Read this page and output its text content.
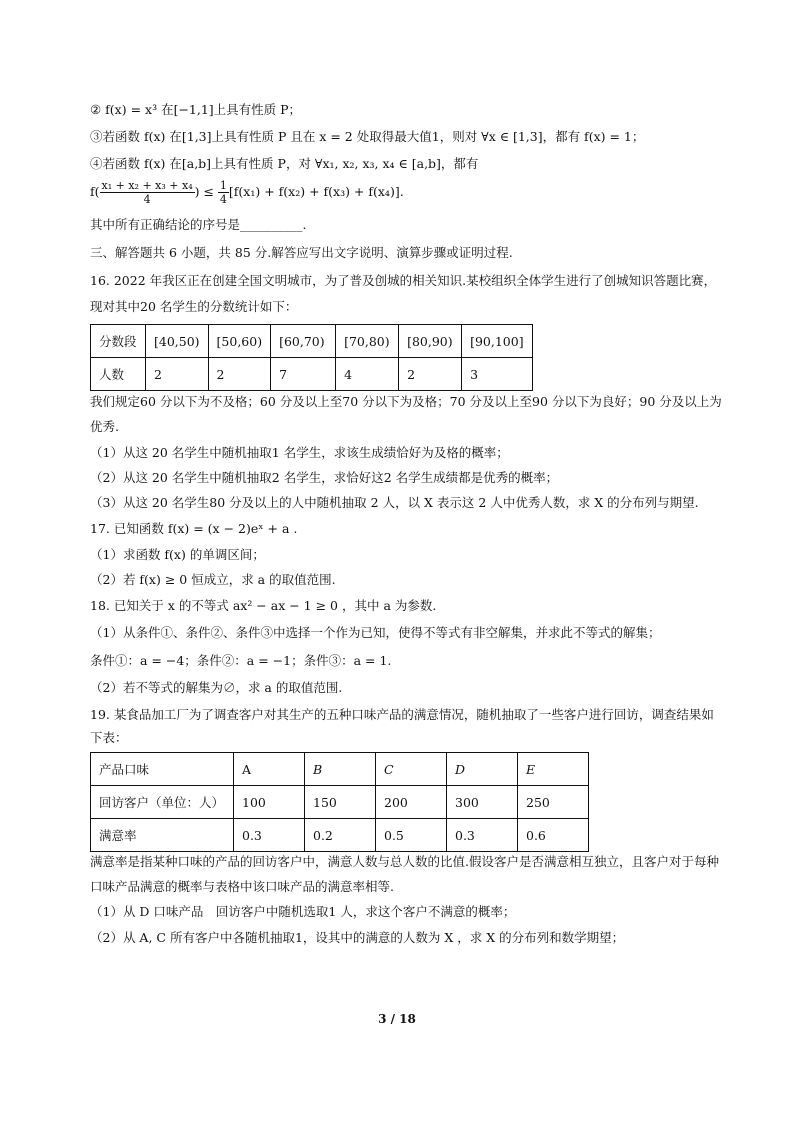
② f(x) = x³ 在[−1,1]上具有性质 P；
③若函数 f(x) 在[1,3]上具有性质 P 且在 x = 2 处取得最大值1，则对 ∀x ∈ [1,3]，都有 f(x) = 1；
④若函数 f(x) 在[a,b]上具有性质 P，对 ∀x₁, x₂, x₃, x₄ ∈ [a,b]，都有
$f( \frac{\text{x₁ + x₂ + x₃ + x₄}}{4}$ ) ≤ $\frac{1}{4} [f(x_1) + f(x_2) + f(x_3) + f(x_4)]$.
其中所有正确结论的序号是__________.
三、解答题共 6 小题，共 85 分.解答应写出文字说明、演算步骤或证明过程.
16. 2022 年我区正在创建全国文明城市，为了普及创城的相关知识.某校组织全体学生进行了创城知识答题比赛，
现对其中20 名学生的分数统计如下：
分数段	[40,50)	[50,60)	[60,70)	[70,80)	[80,90)	[90,100]
人数	2	2	7	4	2	3
我们规定60 分以下为不及格；60 分及以上至70 分以下为及格；70 分及以上至90 分以下为良好；90 分及以上为
优秀.
（1）从这 20 名学生中随机抽取1 名学生，求该生成绩恰好为及格的概率；
（2）从这 20 名学生中随机抽取2 名学生，求恰好这2 名学生成绩都是优秀的概率；
（3）从这 20 名学生80 分及以上的人中随机抽取 2 人，以 X 表示这 2 人中优秀人数，求 X 的分布列与期望.
17. 已知函数 f(x) = (x − 2)eˣ + a .
（1）求函数 f(x) 的单调区间；
（2）若 f(x) ≥ 0 恒成立，求 a 的取值范围.
18. 已知关于 x 的不等式 ax² − ax − 1 ≥ 0 ，其中 a 为参数.
（1）从条件①、条件②、条件③中选择一个作为已知，使得不等式有非空解集，并求此不等式的解集；
条件①：a = −4；条件②：a = −1；条件③：a = 1.
（2）若不等式的解集为∅，求 a 的取值范围.
19. 某食品加工厂为了调查客户对其生产的五种口味产品的满意情况，随机抽取了一些客户进行回访，调查结果如
下表：
产品口味	A	B	C	D	E
回访客户（单位：人）	100	150	200	300	250
满意率	0.3	0.2	0.5	0.3	0.6
满意率是指某种口味的产品的回访客户中，满意人数与总人数的比值.假设客户是否满意相互独立，且客户对于每种
口味产品满意的概率与表格中该口味产品的满意率相等.
（1）从 D 口味产品　回访客户中随机选取1 人，求这个客户不满意的概率；
（2）从 A, C 所有客户中各随机抽取1，设其中的满意的人数为 X ，求 X 的分布列和数学期望；
3 / 18
